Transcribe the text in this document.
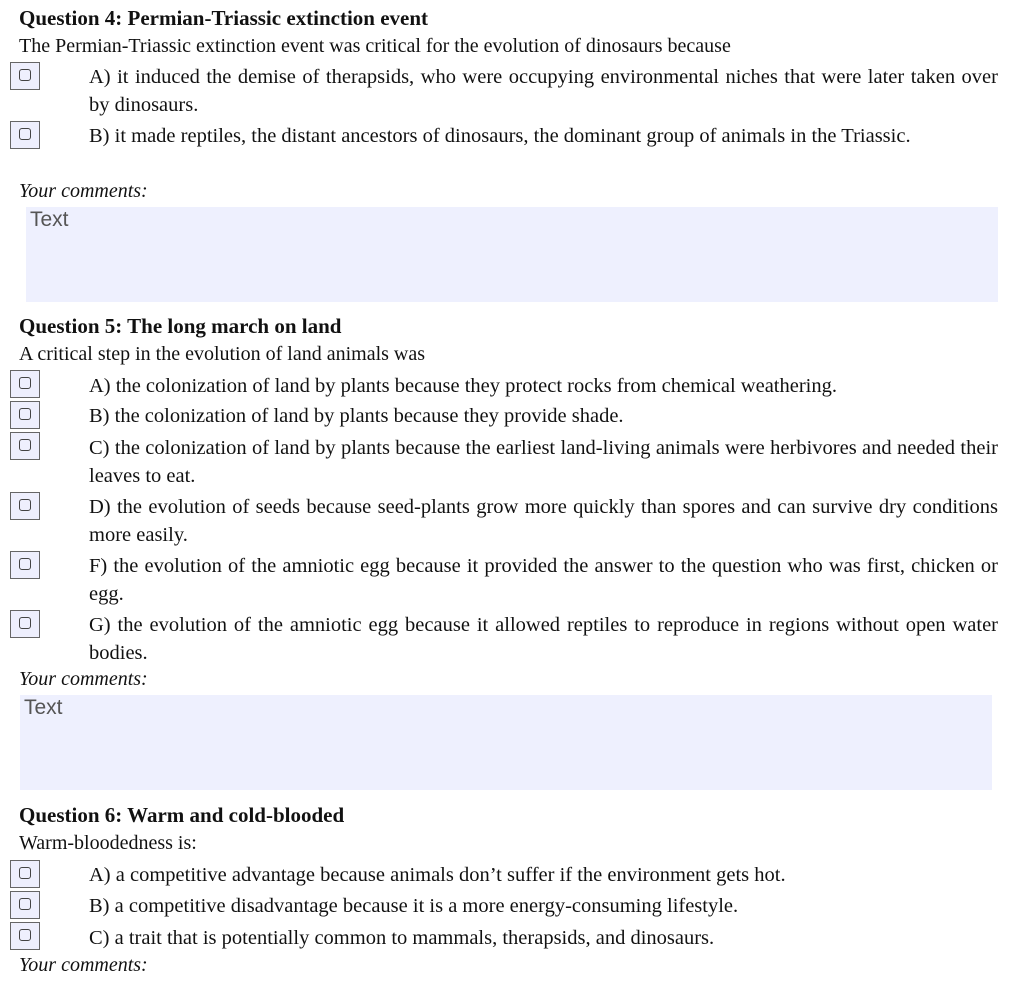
Question 4: Permian-Triassic extinction event
The Permian-Triassic extinction event was critical for the evolution of dinosaurs because
A) it induced the demise of therapsids, who were occupying environmental niches that were later taken over by dinosaurs.
B) it made reptiles, the distant ancestors of dinosaurs, the dominant group of animals in the Triassic.
Your comments:
Text
Question 5: The long march on land
A critical step in the evolution of land animals was
A) the colonization of land by plants because they protect rocks from chemical weathering.
B) the colonization of land by plants because they provide shade.
C) the colonization of land by plants because the earliest land-living animals were herbivores and needed their leaves to eat.
D) the evolution of seeds because seed-plants grow more quickly than spores and can survive dry conditions more easily.
F) the evolution of the amniotic egg because it provided the answer to the question who was first, chicken or egg.
G) the evolution of the amniotic egg because it allowed reptiles to reproduce in regions without open water bodies.
Your comments:
Text
Question 6: Warm and cold-blooded
Warm-bloodedness is:
A) a competitive advantage because animals don’t suffer if the environment gets hot.
B) a competitive disadvantage because it is a more energy-consuming lifestyle.
C) a trait that is potentially common to mammals, therapsids, and dinosaurs.
Your comments:
